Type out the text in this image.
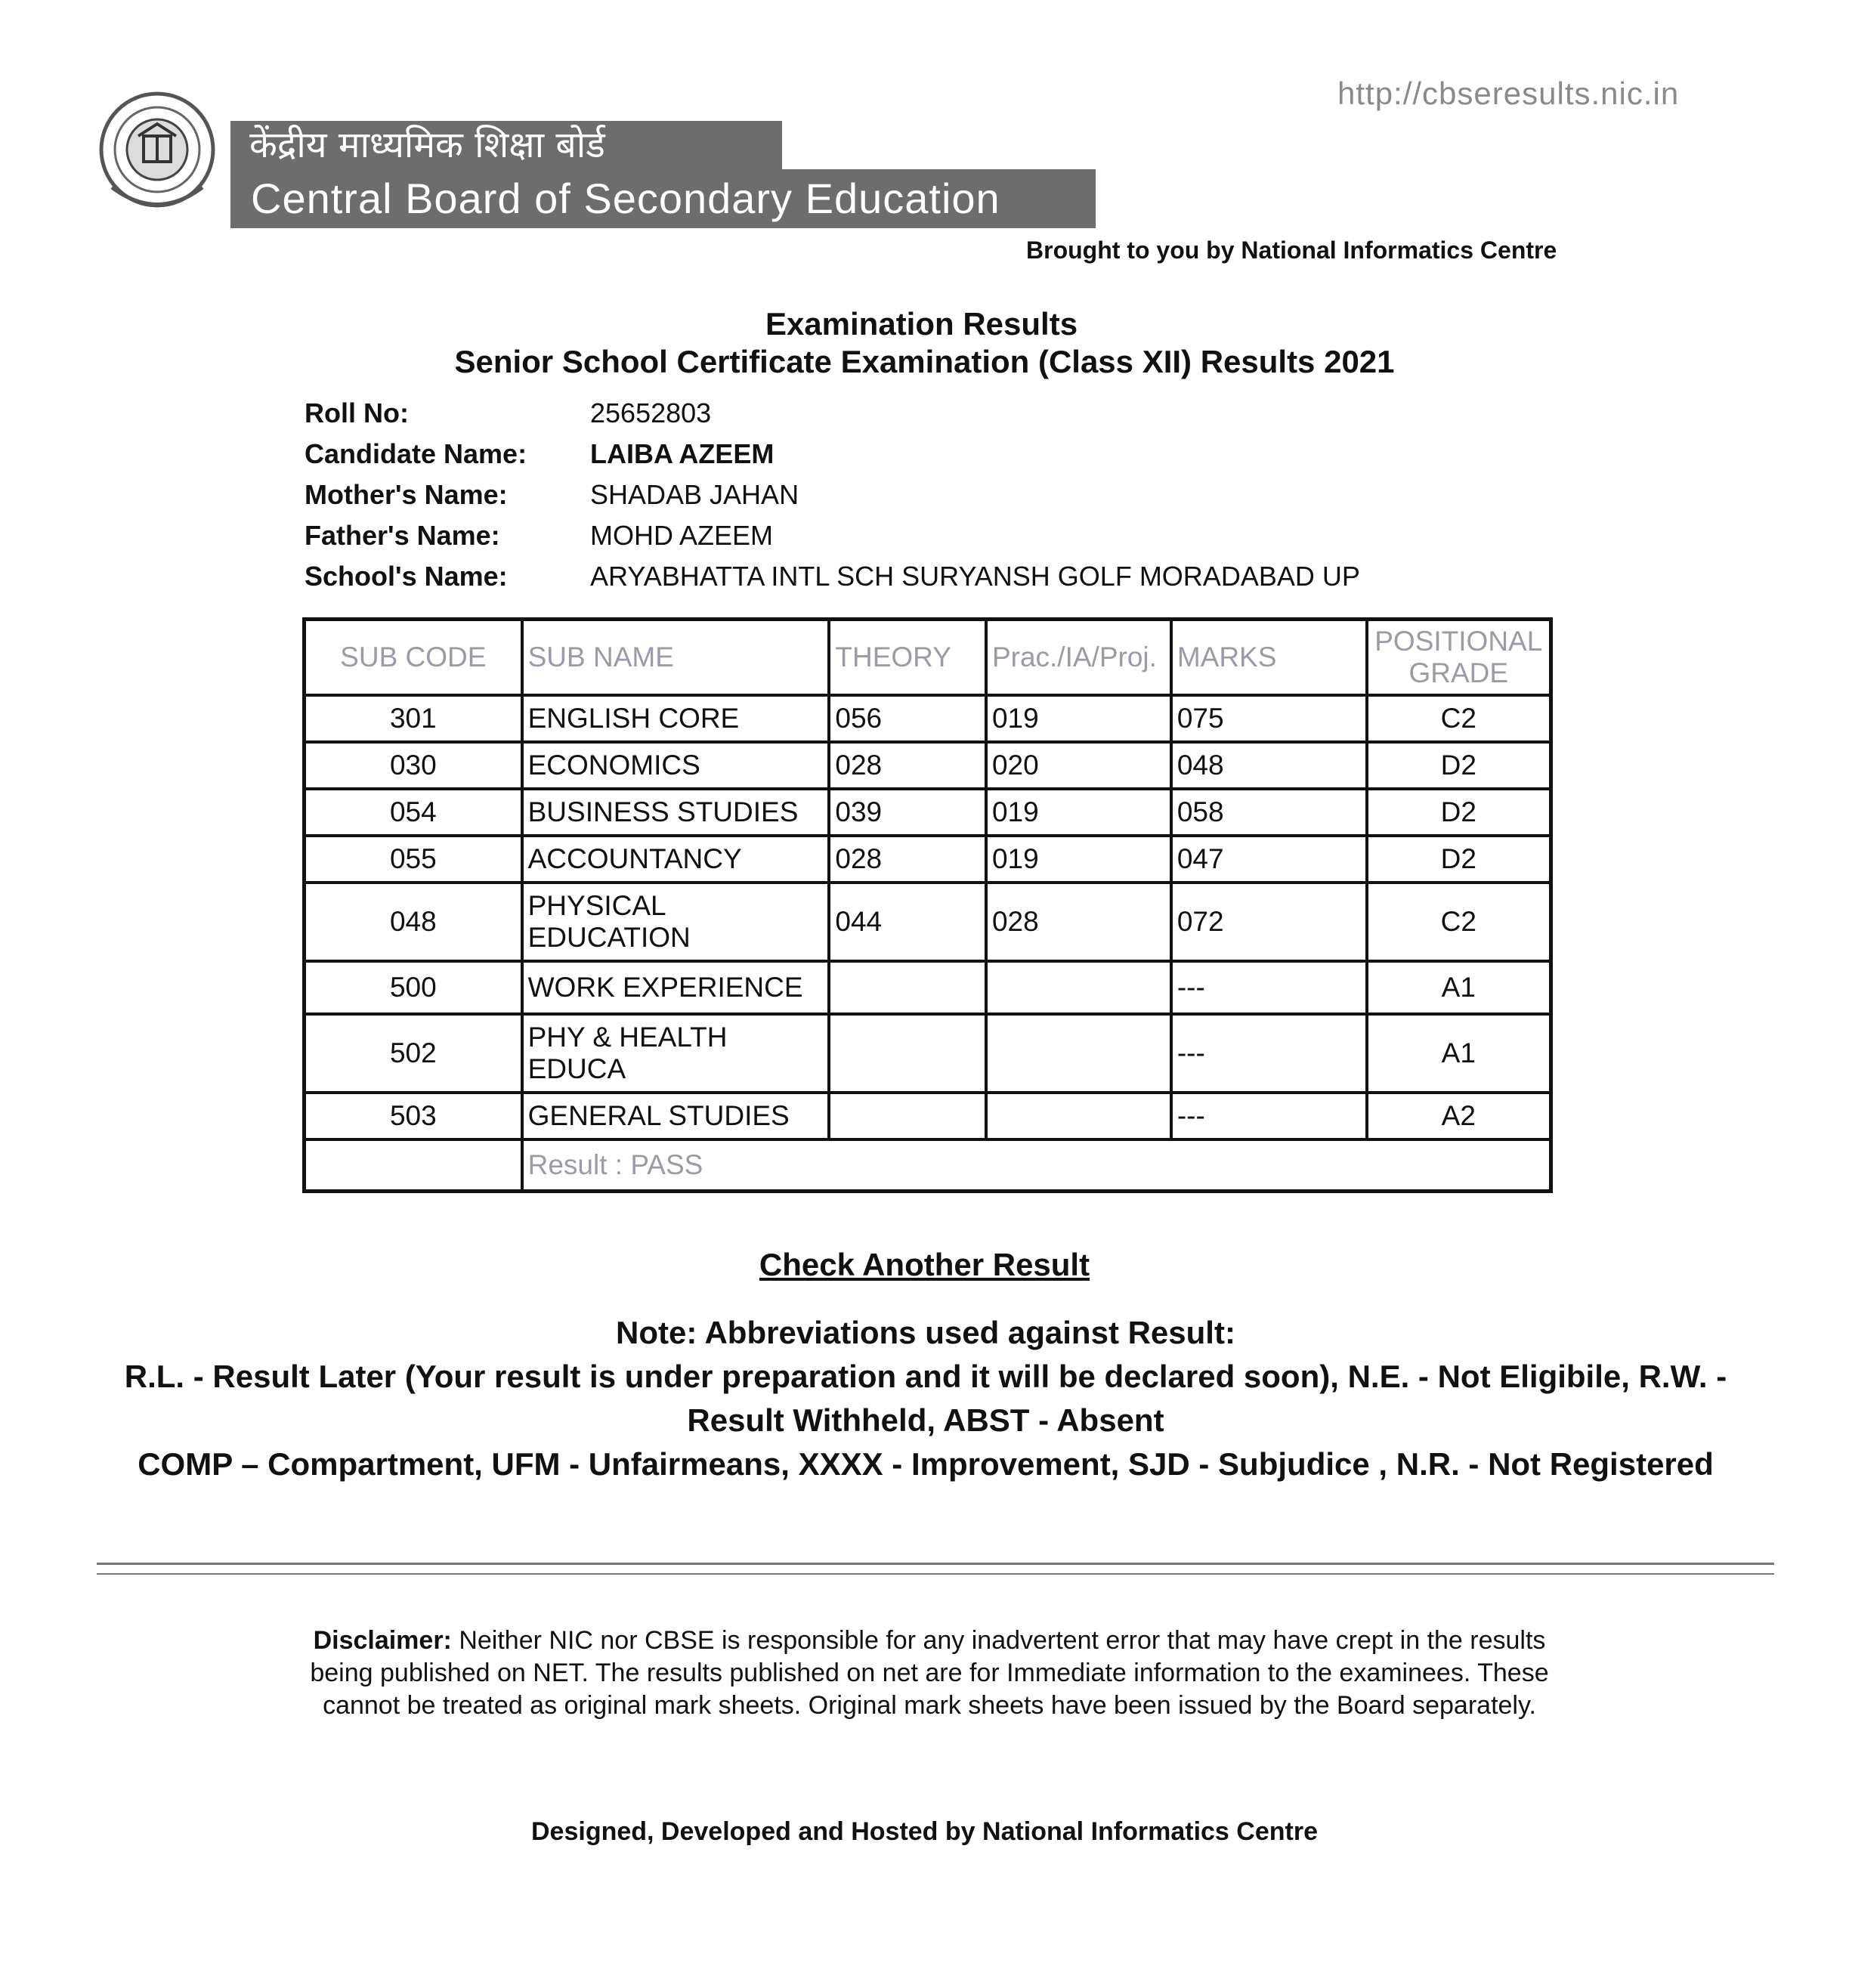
http://cbseresults.nic.in
केंद्रीय माध्यमिक शिक्षा बोर्ड
Central Board of Secondary Education
Brought to you by National Informatics Centre
Examination Results
Senior School Certificate Examination (Class XII) Results 2021
Roll No:	25652803
Candidate Name:	LAIBA AZEEM
Mother's Name:	SHADAB JAHAN
Father's Name:	MOHD AZEEM
School's Name:	ARYABHATTA INTL SCH SURYANSH GOLF MORADABAD UP
SUB CODE	SUB NAME	THEORY	Prac./IA/Proj.	MARKS	POSITIONAL GRADE
301	ENGLISH CORE	056	019	075	C2
030	ECONOMICS	028	020	048	D2
054	BUSINESS STUDIES	039	019	058	D2
055	ACCOUNTANCY	028	019	047	D2
048	PHYSICAL EDUCATION	044	028	072	C2
500	WORK EXPERIENCE			---	A1
502	PHY & HEALTH EDUCA			---	A1
503	GENERAL STUDIES			---	A2
	Result : PASS				
Check Another Result
Note: Abbreviations used against Result:
R.L. - Result Later (Your result is under preparation and it will be declared soon), N.E. - Not Eligibile, R.W. - Result Withheld, ABST - Absent
COMP – Compartment, UFM - Unfairmeans, XXXX - Improvement, SJD - Subjudice , N.R. - Not Registered
Disclaimer: Neither NIC nor CBSE is responsible for any inadvertent error that may have crept in the results being published on NET. The results published on net are for Immediate information to the examinees. These cannot be treated as original mark sheets. Original mark sheets have been issued by the Board separately.
Designed, Developed and Hosted by National Informatics Centre
